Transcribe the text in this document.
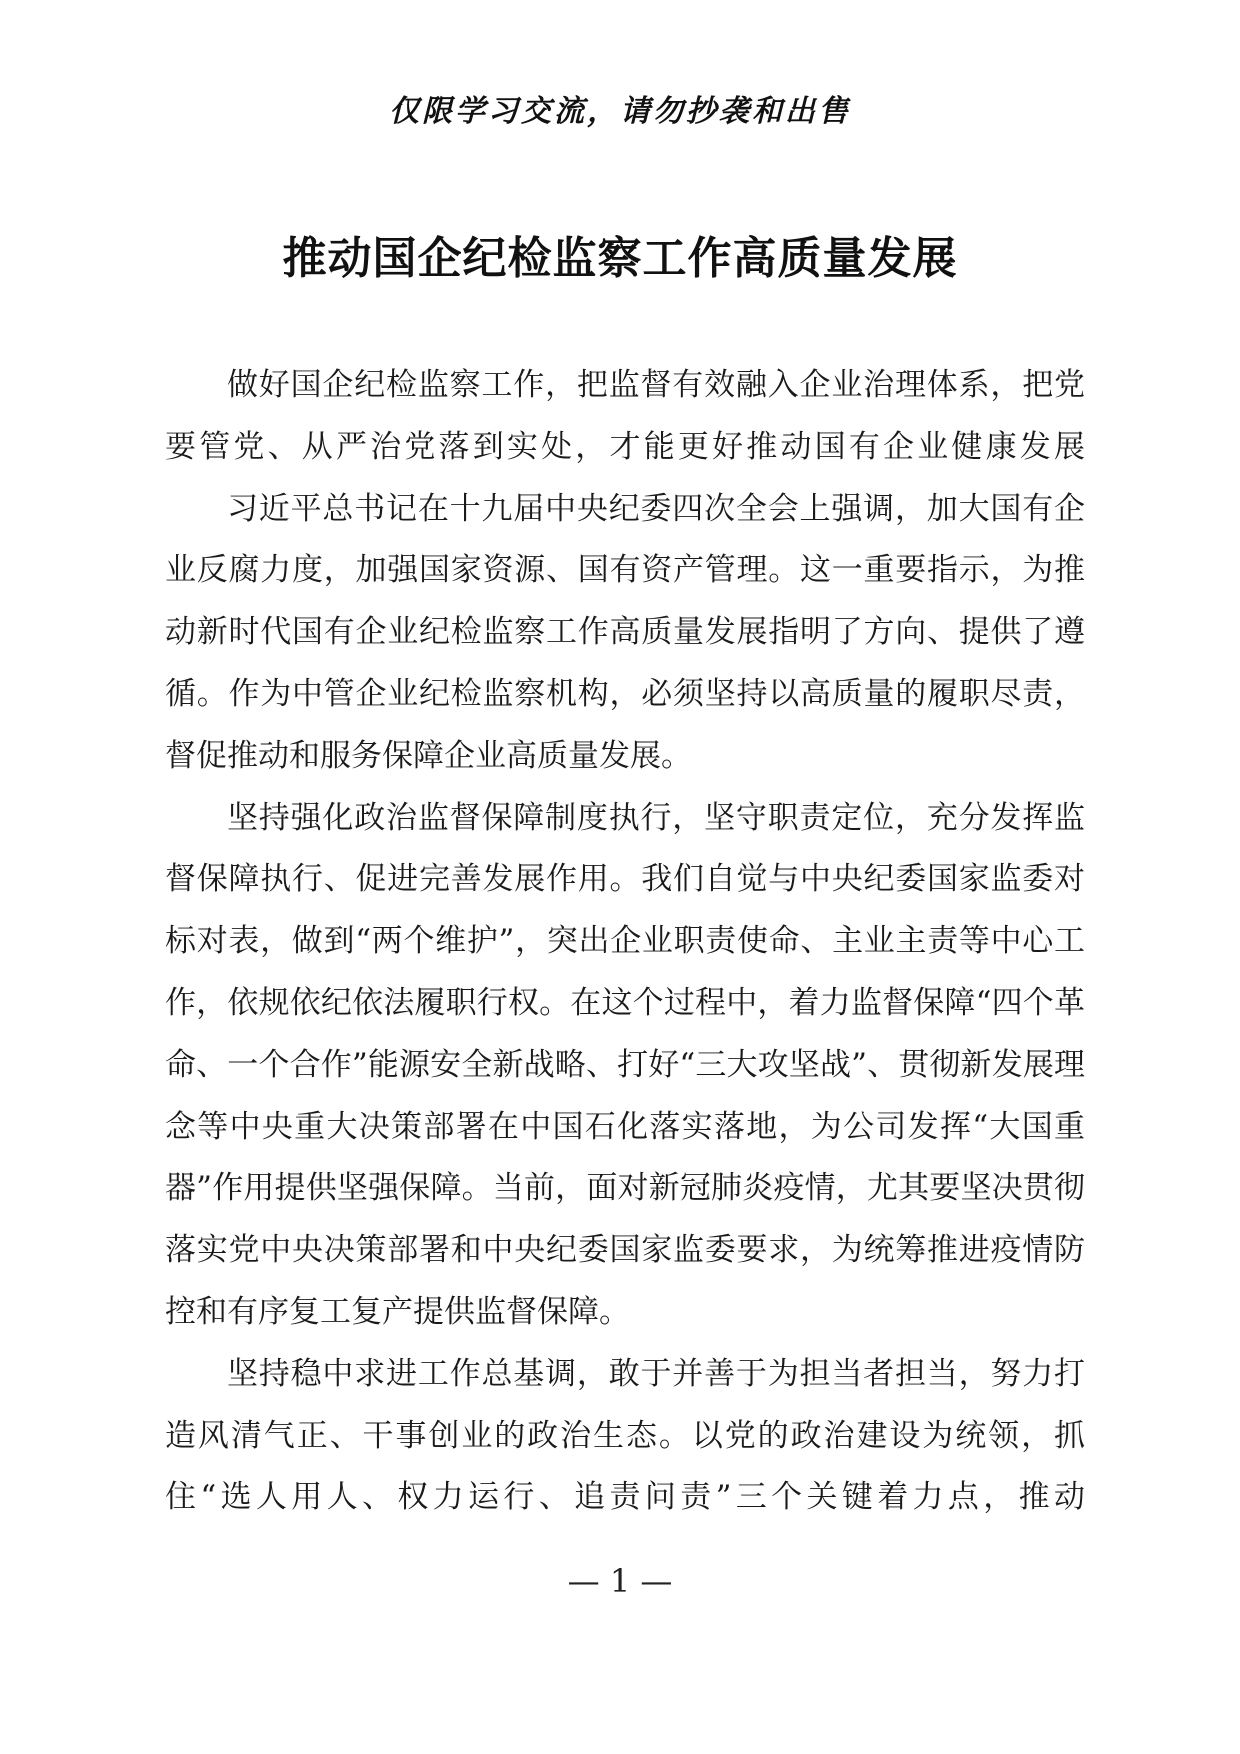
仅限学习交流，请勿抄袭和出售
推动国企纪检监察工作高质量发展

做好国企纪检监察工作，把监督有效融入企业治理体系，把党要管党、从严治党落到实处，才能更好推动国有企业健康发展

习近平总书记在十九届中央纪委四次全会上强调，加大国有企业反腐力度，加强国家资源、国有资产管理。这一重要指示，为推动新时代国有企业纪检监察工作高质量发展指明了方向、提供了遵循。作为中管企业纪检监察机构，必须坚持以高质量的履职尽责，督促推动和服务保障企业高质量发展。

坚持强化政治监督保障制度执行，坚守职责定位，充分发挥监督保障执行、促进完善发展作用。我们自觉与中央纪委国家监委对标对表，做到“两个维护”，突出企业职责使命、主业主责等中心工作，依规依纪依法履职行权。在这个过程中，着力监督保障“四个革命、一个合作”能源安全新战略、打好“三大攻坚战”、贯彻新发展理念等中央重大决策部署在中国石化落实落地，为公司发挥“大国重器”作用提供坚强保障。当前，面对新冠肺炎疫情，尤其要坚决贯彻落实党中央决策部署和中央纪委国家监委要求，为统筹推进疫情防控和有序复工复产提供监督保障。

坚持稳中求进工作总基调，敢于并善于为担当者担当，努力打造风清气正、干事创业的政治生态。以党的政治建设为统领，抓住“选人用人、权力运行、追责问责”三个关键着力点，推动

— 1 —
